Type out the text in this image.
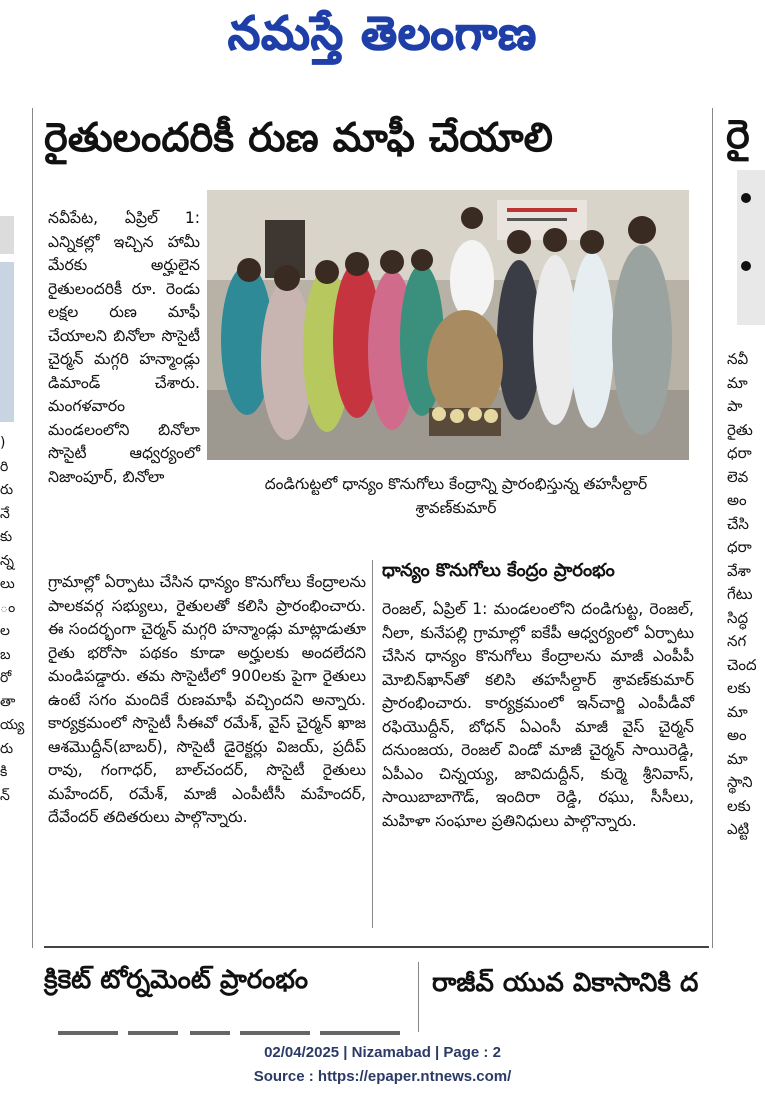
నమస్తే తెలంగాణ
)
రి
రు
నే
కు
న్న
లు
ం
ల
బ
రో
తా
య్య
రు
కి
న్
రైతులందరికీ రుణ మాఫీ చేయాలి
దండిగుట్టలో ధాన్యం కొనుగోలు కేంద్రాన్ని ప్రారంభిస్తున్న తహసీల్దార్ శ్రావణ్‌కుమార్
నవీపేట, ఏప్రిల్ 1: ఎన్నికల్లో ఇచ్చిన హామీ మేరకు అర్హులైన రైతులందరికీ రూ. రెండు లక్షల రుణ మాఫీ చేయాలని బినోలా సొసైటీ చైర్మన్ మగ్గరి హన్మాండ్లు డిమాండ్ చేశారు. మంగళవారం మండలంలోని బినోలా సొసైటీ ఆధ్వర్యంలో నిజాంపూర్, బినోలా
గ్రామాల్లో ఏర్పాటు చేసిన ధాన్యం కొనుగోలు కేంద్రాలను పాలకవర్గ సభ్యులు, రైతులతో కలిసి ప్రారంభించారు. ఈ సందర్భంగా చైర్మన్ మగ్గరి హన్మాండ్లు మాట్లాడుతూ రైతు భరోసా పథకం కూడా అర్హులకు అందలేదని మండిపడ్డారు. తమ సొసైటీలో 900లకు పైగా రైతులు ఉంటే సగం మందికే రుణమాఫీ వచ్చిందని అన్నారు. కార్యక్రమంలో సొసైటీ సీఈవో రమేశ్, వైస్ చైర్మన్ ఖాజ ఆశమొద్దీన్(బాబర్), సొసైటీ డైరెక్టర్లు విజయ్, ప్రదీప్ రావు, గంగాధర్, బాల్‌చందర్, సొసైటీ రైతులు మహేందర్, రమేశ్, మాజీ ఎంపీటీసీ మహేందర్, దేవేందర్ తదితరులు పాల్గొన్నారు.
ధాన్యం కొనుగోలు కేంద్రం ప్రారంభం
రెంజల్, ఏప్రిల్ 1: మండలంలోని దండిగుట్ట, రెంజల్, నీలా, కునేపల్లి గ్రామాల్లో ఐకేపీ ఆధ్వర్యంలో ఏర్పాటు చేసిన ధాన్యం కొనుగోలు కేంద్రాలను మాజీ ఎంపీపీ మోబిన్‌ఖాన్‌తో కలిసి తహసీల్దార్ శ్రావణ్‌కుమార్ ప్రారంభించారు. కార్యక్రమంలో ఇన్‌చార్జి ఎంపీడీవో రఫియొద్దీన్, బోధన్ ఏఎంసీ మాజీ వైస్ చైర్మన్ దనుంజయ, రెంజల్ విండో మాజీ చైర్మన్ సాయిరెడ్డి, ఏపీఎం చిన్నయ్య, జావిదుద్దీన్, కుర్మె శ్రీనివాస్, సాయిబాబాగౌడ్, ఇందిరా రెడ్డి, రఘు, సీసీలు, మహిళా సంఘాల ప్రతినిధులు పాల్గొన్నారు.
రై
నవీ
మా
పా
రైతు
ధరా
లెవ
అం
చేసి
ధరా
వేశా
గేటు
సిద్ధ
నగ
చెంద
లకు
మా
అం
మా
స్థాని
లకు
ఎట్టి
క్రికెట్ టోర్నమెంట్ ప్రారంభం	రాజీవ్ యువ వికాసానికి ద
02/04/2025 | Nizamabad | Page : 2
Source : https://epaper.ntnews.com/
